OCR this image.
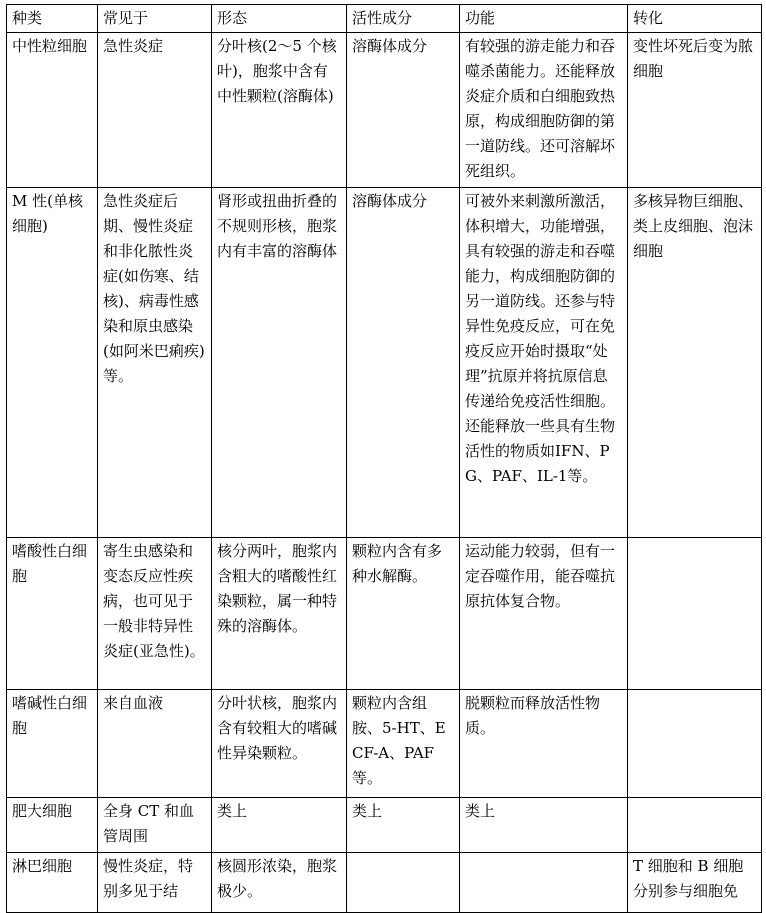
种类	常见于	形态	活性成分	功能	转化
中性粒细胞	急性炎症	分叶核(2～5 个核叶)，胞浆中含有中性颗粒(溶酶体)	溶酶体成分	有较强的游走能力和吞噬杀菌能力。还能释放炎症介质和白细胞致热原，构成细胞防御的第一道防线。还可溶解坏死组织。	变性坏死后变为脓细胞
M 性(单核细胞)	急性炎症后期、慢性炎症和非化脓性炎症(如伤寒、结核)、病毒性感染和原虫感染(如阿米巴痢疾)等。	肾形或扭曲折叠的不规则形核，胞浆内有丰富的溶酶体	溶酶体成分	可被外来刺激所激活，体积增大，功能增强，具有较强的游走和吞噬能力，构成细胞防御的另一道防线。还参与特异性免疫反应，可在免疫反应开始时摄取“处理”抗原并将抗原信息传递给免疫活性细胞。还能释放一些具有生物活性的物质如IFN、PG、PAF、IL-1等。	多核异物巨细胞、类上皮细胞、泡沫细胞
嗜酸性白细胞	寄生虫感染和变态反应性疾病，也可见于一般非特异性炎症(亚急性)。	核分两叶，胞浆内含粗大的嗜酸性红染颗粒，属一种特殊的溶酶体。	颗粒内含有多种水解酶。	运动能力较弱，但有一定吞噬作用，能吞噬抗原抗体复合物。	
嗜碱性白细胞	来自血液	分叶状核，胞浆内含有较粗大的嗜碱性异染颗粒。	颗粒内含组胺、5-HT、ECF-A、PAF等。	脱颗粒而释放活性物质。	
肥大细胞	全身 CT 和血管周围	类上	类上	类上	
淋巴细胞	慢性炎症，特别多见于结	核圆形浓染，胞浆极少。			T 细胞和 B 细胞分别参与细胞免
